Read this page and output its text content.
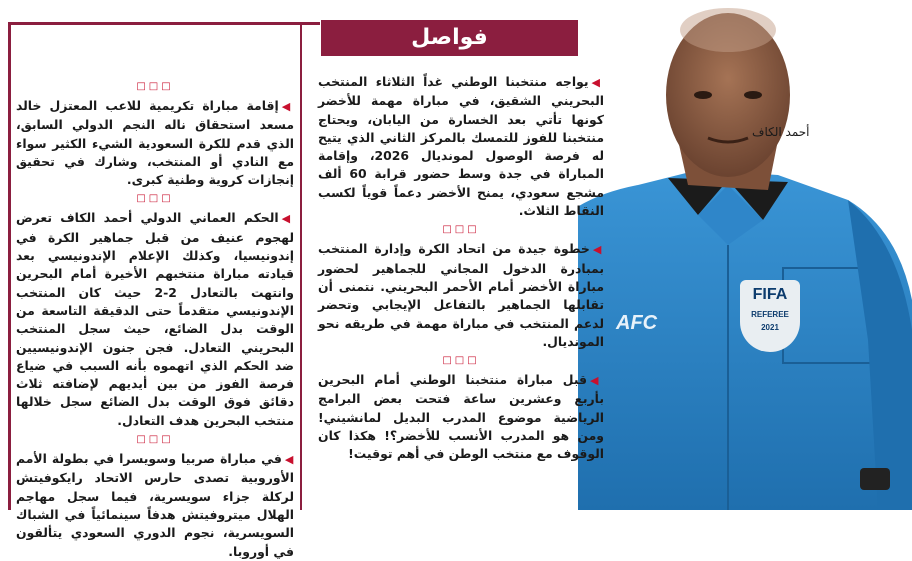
فواصل
FIFA
REFEREE
2021
AFC
أحمد الكاف
□□□

◀إقامة مباراة تكريمية للاعب المعتزل خالد مسعد استحقاق ناله النجم الدولي السابق، الذي قدم للكرة السعودية الشيء الكثير سواء مع النادي أو المنتخب، وشارك في تحقيق إنجازات كروية وطنية كبرى.

□□□

◀الحكم العماني الدولي أحمد الكاف تعرض لهجوم عنيف من قبل جماهير الكرة في إندونيسيا، وكذلك الإعلام الإندونيسي بعد قيادته مباراة منتخبهم الأخيرة أمام البحرين وانتهت بالتعادل 2-2 حيث كان المنتخب الإندونيسي متقدماً حتى الدقيقة التاسعة من الوقت بدل الضائع، حيث سجل المنتخب البحريني التعادل. فجن جنون الإندونيسيين ضد الحكم الذي اتهموه بأنه السبب في ضياع فرصة الفوز من بين أيديهم لإضافته ثلاث دقائق فوق الوقت بدل الضائع سجل خلالها منتخب البحرين هدف التعادل.

□□□

◀في مباراة صربيا وسويسرا في بطولة الأمم الأوروبية تصدى حارس الاتحاد رايكوفيتش لركلة جزاء سويسرية، فيما سجل مهاجم الهلال ميتروفيتش هدفاً سينمائياً في الشباك السويسرية، نجوم الدوري السعودي يتألقون في أوروبا.

◀يواجه منتخبنا الوطني غداً الثلاثاء المنتخب البحريني الشقيق، في مباراة مهمة للأخضر كونها تأتي بعد الخسارة من اليابان، ويحتاج منتخبنا للفوز للتمسك بالمركز الثاني الذي يتيح له فرصة الوصول لمونديال 2026، وإقامة المباراة في جدة وسط حضور قرابة 60 ألف مشجع سعودي، يمنح الأخضر دعماً قوياً لكسب النقاط الثلاث.

□□□

◀خطوة جيدة من اتحاد الكرة وإدارة المنتخب بمبادرة الدخول المجاني للجماهير لحضور مباراة الأخضر أمام الأحمر البحريني. نتمنى أن تقابلها الجماهير بالتفاعل الإيجابي وتحضر لدعم المنتخب في مباراة مهمة في طريقه نحو المونديال.

□□□

◀قبل مباراة منتخبنا الوطني أمام البحرين بأربع وعشرين ساعة فتحت بعض البرامج الرياضية موضوع المدرب البديل لمانشيني! ومن هو المدرب الأنسب للأخضر؟! هكذا كان الوقوف مع منتخب الوطن في أهم توقيت!
